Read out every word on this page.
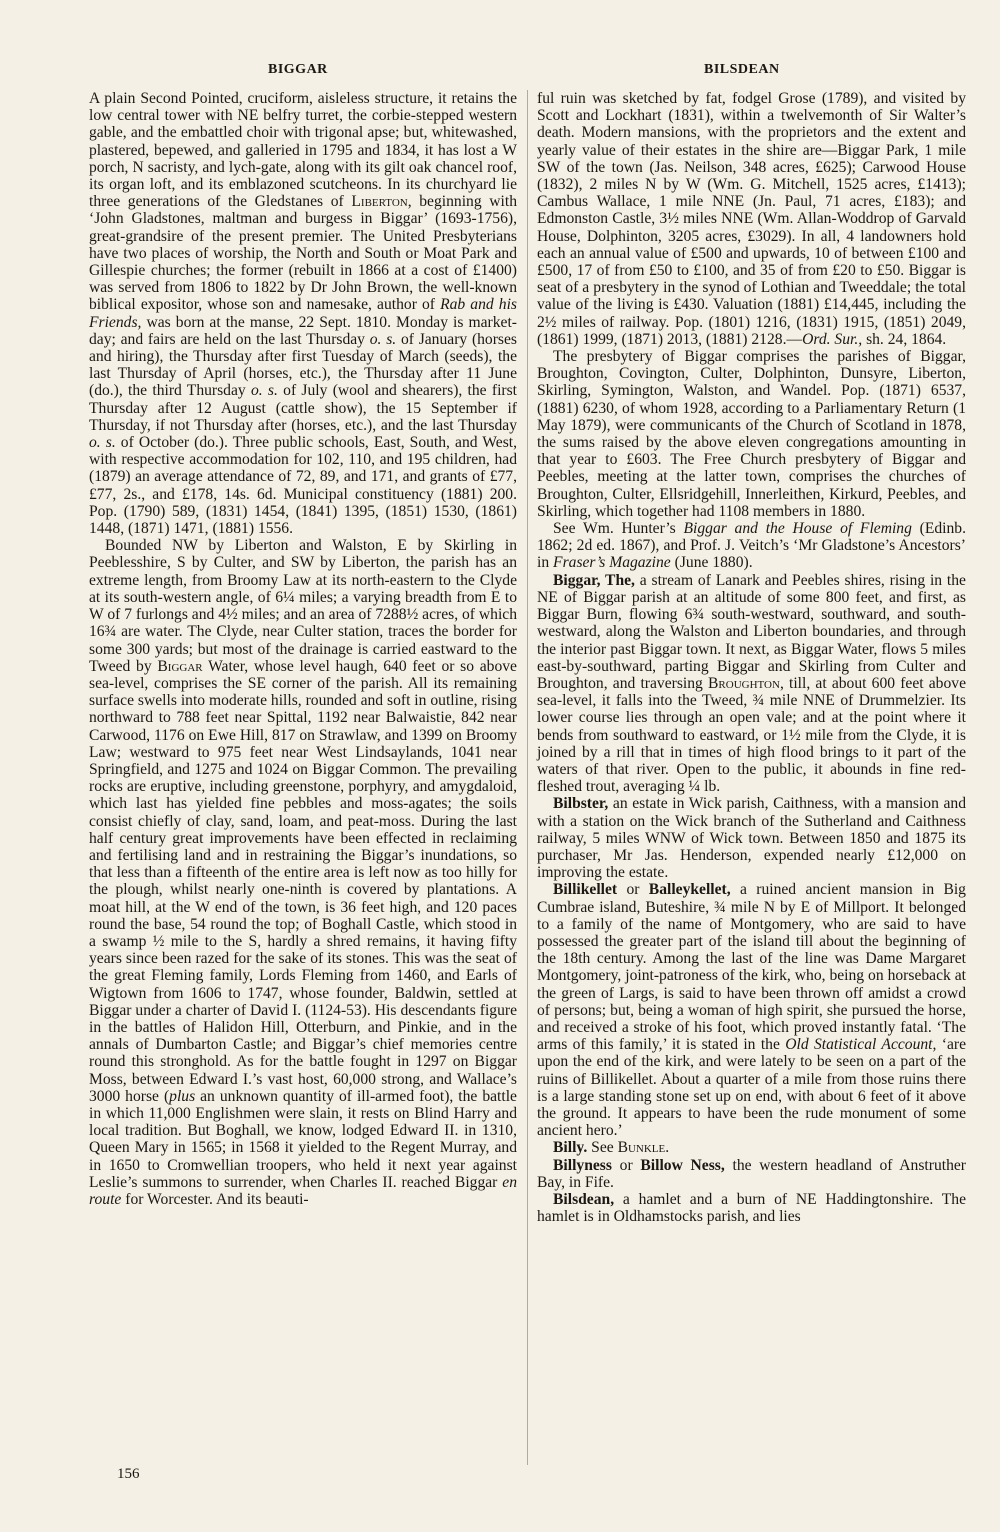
BIGGAR	BILSDEAN

A plain Second Pointed, cruciform, aisleless structure, it retains the low central tower with NE belfry turret, the corbie-stepped western gable, and the embattled choir with trigonal apse; but, whitewashed, plastered, bepewed, and galleried in 1795 and 1834, it has lost a W porch, N sacristy, and lych-gate, along with its gilt oak chancel roof, its organ loft, and its emblazoned scutcheons. In its churchyard lie three generations of the Gledstanes of Liberton, beginning with ‘John Gladstones, maltman and burgess in Biggar’ (1693-1756), great-grandsire of the present premier. The United Presbyterians have two places of worship, the North and South or Moat Park and Gillespie churches; the former (rebuilt in 1866 at a cost of £1400) was served from 1806 to 1822 by Dr John Brown, the well-known biblical expositor, whose son and namesake, author of Rab and his Friends, was born at the manse, 22 Sept. 1810. Monday is market-day; and fairs are held on the last Thursday o. s. of January (horses and hiring), the Thursday after first Tuesday of March (seeds), the last Thursday of April (horses, etc.), the Thursday after 11 June (do.), the third Thursday o. s. of July (wool and shearers), the first Thursday after 12 August (cattle show), the 15 September if Thursday, if not Thursday after (horses, etc.), and the last Thursday o. s. of October (do.). Three public schools, East, South, and West, with respective accommodation for 102, 110, and 195 children, had (1879) an average attendance of 72, 89, and 171, and grants of £77, £77, 2s., and £178, 14s. 6d. Municipal constituency (1881) 200. Pop. (1790) 589, (1831) 1454, (1841) 1395, (1851) 1530, (1861) 1448, (1871) 1471, (1881) 1556.

Bounded NW by Liberton and Walston, E by Skirling in Peeblesshire, S by Culter, and SW by Liberton, the parish has an extreme length, from Broomy Law at its north-eastern to the Clyde at its south-western angle, of 6¼ miles; a varying breadth from E to W of 7 furlongs and 4½ miles; and an area of 7288½ acres, of which 16¾ are water. The Clyde, near Culter station, traces the border for some 300 yards; but most of the drainage is carried eastward to the Tweed by Biggar Water, whose level haugh, 640 feet or so above sea-level, comprises the SE corner of the parish. All its remaining surface swells into moderate hills, rounded and soft in outline, rising northward to 788 feet near Spittal, 1192 near Balwaistie, 842 near Carwood, 1176 on Ewe Hill, 817 on Strawlaw, and 1399 on Broomy Law; westward to 975 feet near West Lindsaylands, 1041 near Springfield, and 1275 and 1024 on Biggar Common. The prevailing rocks are eruptive, including greenstone, porphyry, and amygdaloid, which last has yielded fine pebbles and moss-agates; the soils consist chiefly of clay, sand, loam, and peat-moss. During the last half century great improvements have been effected in reclaiming and fertilising land and in restraining the Biggar’s inundations, so that less than a fifteenth of the entire area is left now as too hilly for the plough, whilst nearly one-ninth is covered by plantations. A moat hill, at the W end of the town, is 36 feet high, and 120 paces round the base, 54 round the top; of Boghall Castle, which stood in a swamp ½ mile to the S, hardly a shred remains, it having fifty years since been razed for the sake of its stones. This was the seat of the great Fleming family, Lords Fleming from 1460, and Earls of Wigtown from 1606 to 1747, whose founder, Baldwin, settled at Biggar under a charter of David I. (1124-53). His descendants figure in the battles of Halidon Hill, Otterburn, and Pinkie, and in the annals of Dumbarton Castle; and Biggar’s chief memories centre round this stronghold. As for the battle fought in 1297 on Biggar Moss, between Edward I.’s vast host, 60,000 strong, and Wallace’s 3000 horse (plus an unknown quantity of ill-armed foot), the battle in which 11,000 Englishmen were slain, it rests on Blind Harry and local tradition. But Boghall, we know, lodged Edward II. in 1310, Queen Mary in 1565; in 1568 it yielded to the Regent Murray, and in 1650 to Cromwellian troopers, who held it next year against Leslie’s summons to surrender, when Charles II. reached Biggar en route for Worcester. And its beauti-

ful ruin was sketched by fat, fodgel Grose (1789), and visited by Scott and Lockhart (1831), within a twelvemonth of Sir Walter’s death. Modern mansions, with the proprietors and the extent and yearly value of their estates in the shire are—Biggar Park, 1 mile SW of the town (Jas. Neilson, 348 acres, £625); Carwood House (1832), 2 miles N by W (Wm. G. Mitchell, 1525 acres, £1413); Cambus Wallace, 1 mile NNE (Jn. Paul, 71 acres, £183); and Edmonston Castle, 3½ miles NNE (Wm. Allan-Woddrop of Garvald House, Dolphinton, 3205 acres, £3029). In all, 4 landowners hold each an annual value of £500 and upwards, 10 of between £100 and £500, 17 of from £50 to £100, and 35 of from £20 to £50. Biggar is seat of a presbytery in the synod of Lothian and Tweeddale; the total value of the living is £430. Valuation (1881) £14,445, including the 2½ miles of railway. Pop. (1801) 1216, (1831) 1915, (1851) 2049, (1861) 1999, (1871) 2013, (1881) 2128.—Ord. Sur., sh. 24, 1864.

The presbytery of Biggar comprises the parishes of Biggar, Broughton, Covington, Culter, Dolphinton, Dunsyre, Liberton, Skirling, Symington, Walston, and Wandel. Pop. (1871) 6537, (1881) 6230, of whom 1928, according to a Parliamentary Return (1 May 1879), were communicants of the Church of Scotland in 1878, the sums raised by the above eleven congregations amounting in that year to £603. The Free Church presbytery of Biggar and Peebles, meeting at the latter town, comprises the churches of Broughton, Culter, Ellsridgehill, Innerleithen, Kirkurd, Peebles, and Skirling, which together had 1108 members in 1880.

See Wm. Hunter’s Biggar and the House of Fleming (Edinb. 1862; 2d ed. 1867), and Prof. J. Veitch’s ‘Mr Gladstone’s Ancestors’ in Fraser’s Magazine (June 1880).

Biggar, The, a stream of Lanark and Peebles shires, rising in the NE of Biggar parish at an altitude of some 800 feet, and first, as Biggar Burn, flowing 6¾ south-westward, southward, and south-westward, along the Walston and Liberton boundaries, and through the interior past Biggar town. It next, as Biggar Water, flows 5 miles east-by-southward, parting Biggar and Skirling from Culter and Broughton, and traversing Broughton, till, at about 600 feet above sea-level, it falls into the Tweed, ¾ mile NNE of Drummelzier. Its lower course lies through an open vale; and at the point where it bends from southward to eastward, or 1½ mile from the Clyde, it is joined by a rill that in times of high flood brings to it part of the waters of that river. Open to the public, it abounds in fine red-fleshed trout, averaging ¼ lb.

Bilbster, an estate in Wick parish, Caithness, with a mansion and with a station on the Wick branch of the Sutherland and Caithness railway, 5 miles WNW of Wick town. Between 1850 and 1875 its purchaser, Mr Jas. Henderson, expended nearly £12,000 on improving the estate.

Billikellet or Balleykellet, a ruined ancient mansion in Big Cumbrae island, Buteshire, ¾ mile N by E of Millport. It belonged to a family of the name of Montgomery, who are said to have possessed the greater part of the island till about the beginning of the 18th century. Among the last of the line was Dame Margaret Montgomery, joint-patroness of the kirk, who, being on horseback at the green of Largs, is said to have been thrown off amidst a crowd of persons; but, being a woman of high spirit, she pursued the horse, and received a stroke of his foot, which proved instantly fatal. ‘The arms of this family,’ it is stated in the Old Statistical Account, ‘are upon the end of the kirk, and were lately to be seen on a part of the ruins of Billikellet. About a quarter of a mile from those ruins there is a large standing stone set up on end, with about 6 feet of it above the ground. It appears to have been the rude monument of some ancient hero.’

Billy. See Bunkle.

Billyness or Billow Ness, the western headland of Anstruther Bay, in Fife.

Bilsdean, a hamlet and a burn of NE Haddingtonshire. The hamlet is in Oldhamstocks parish, and lies

156
